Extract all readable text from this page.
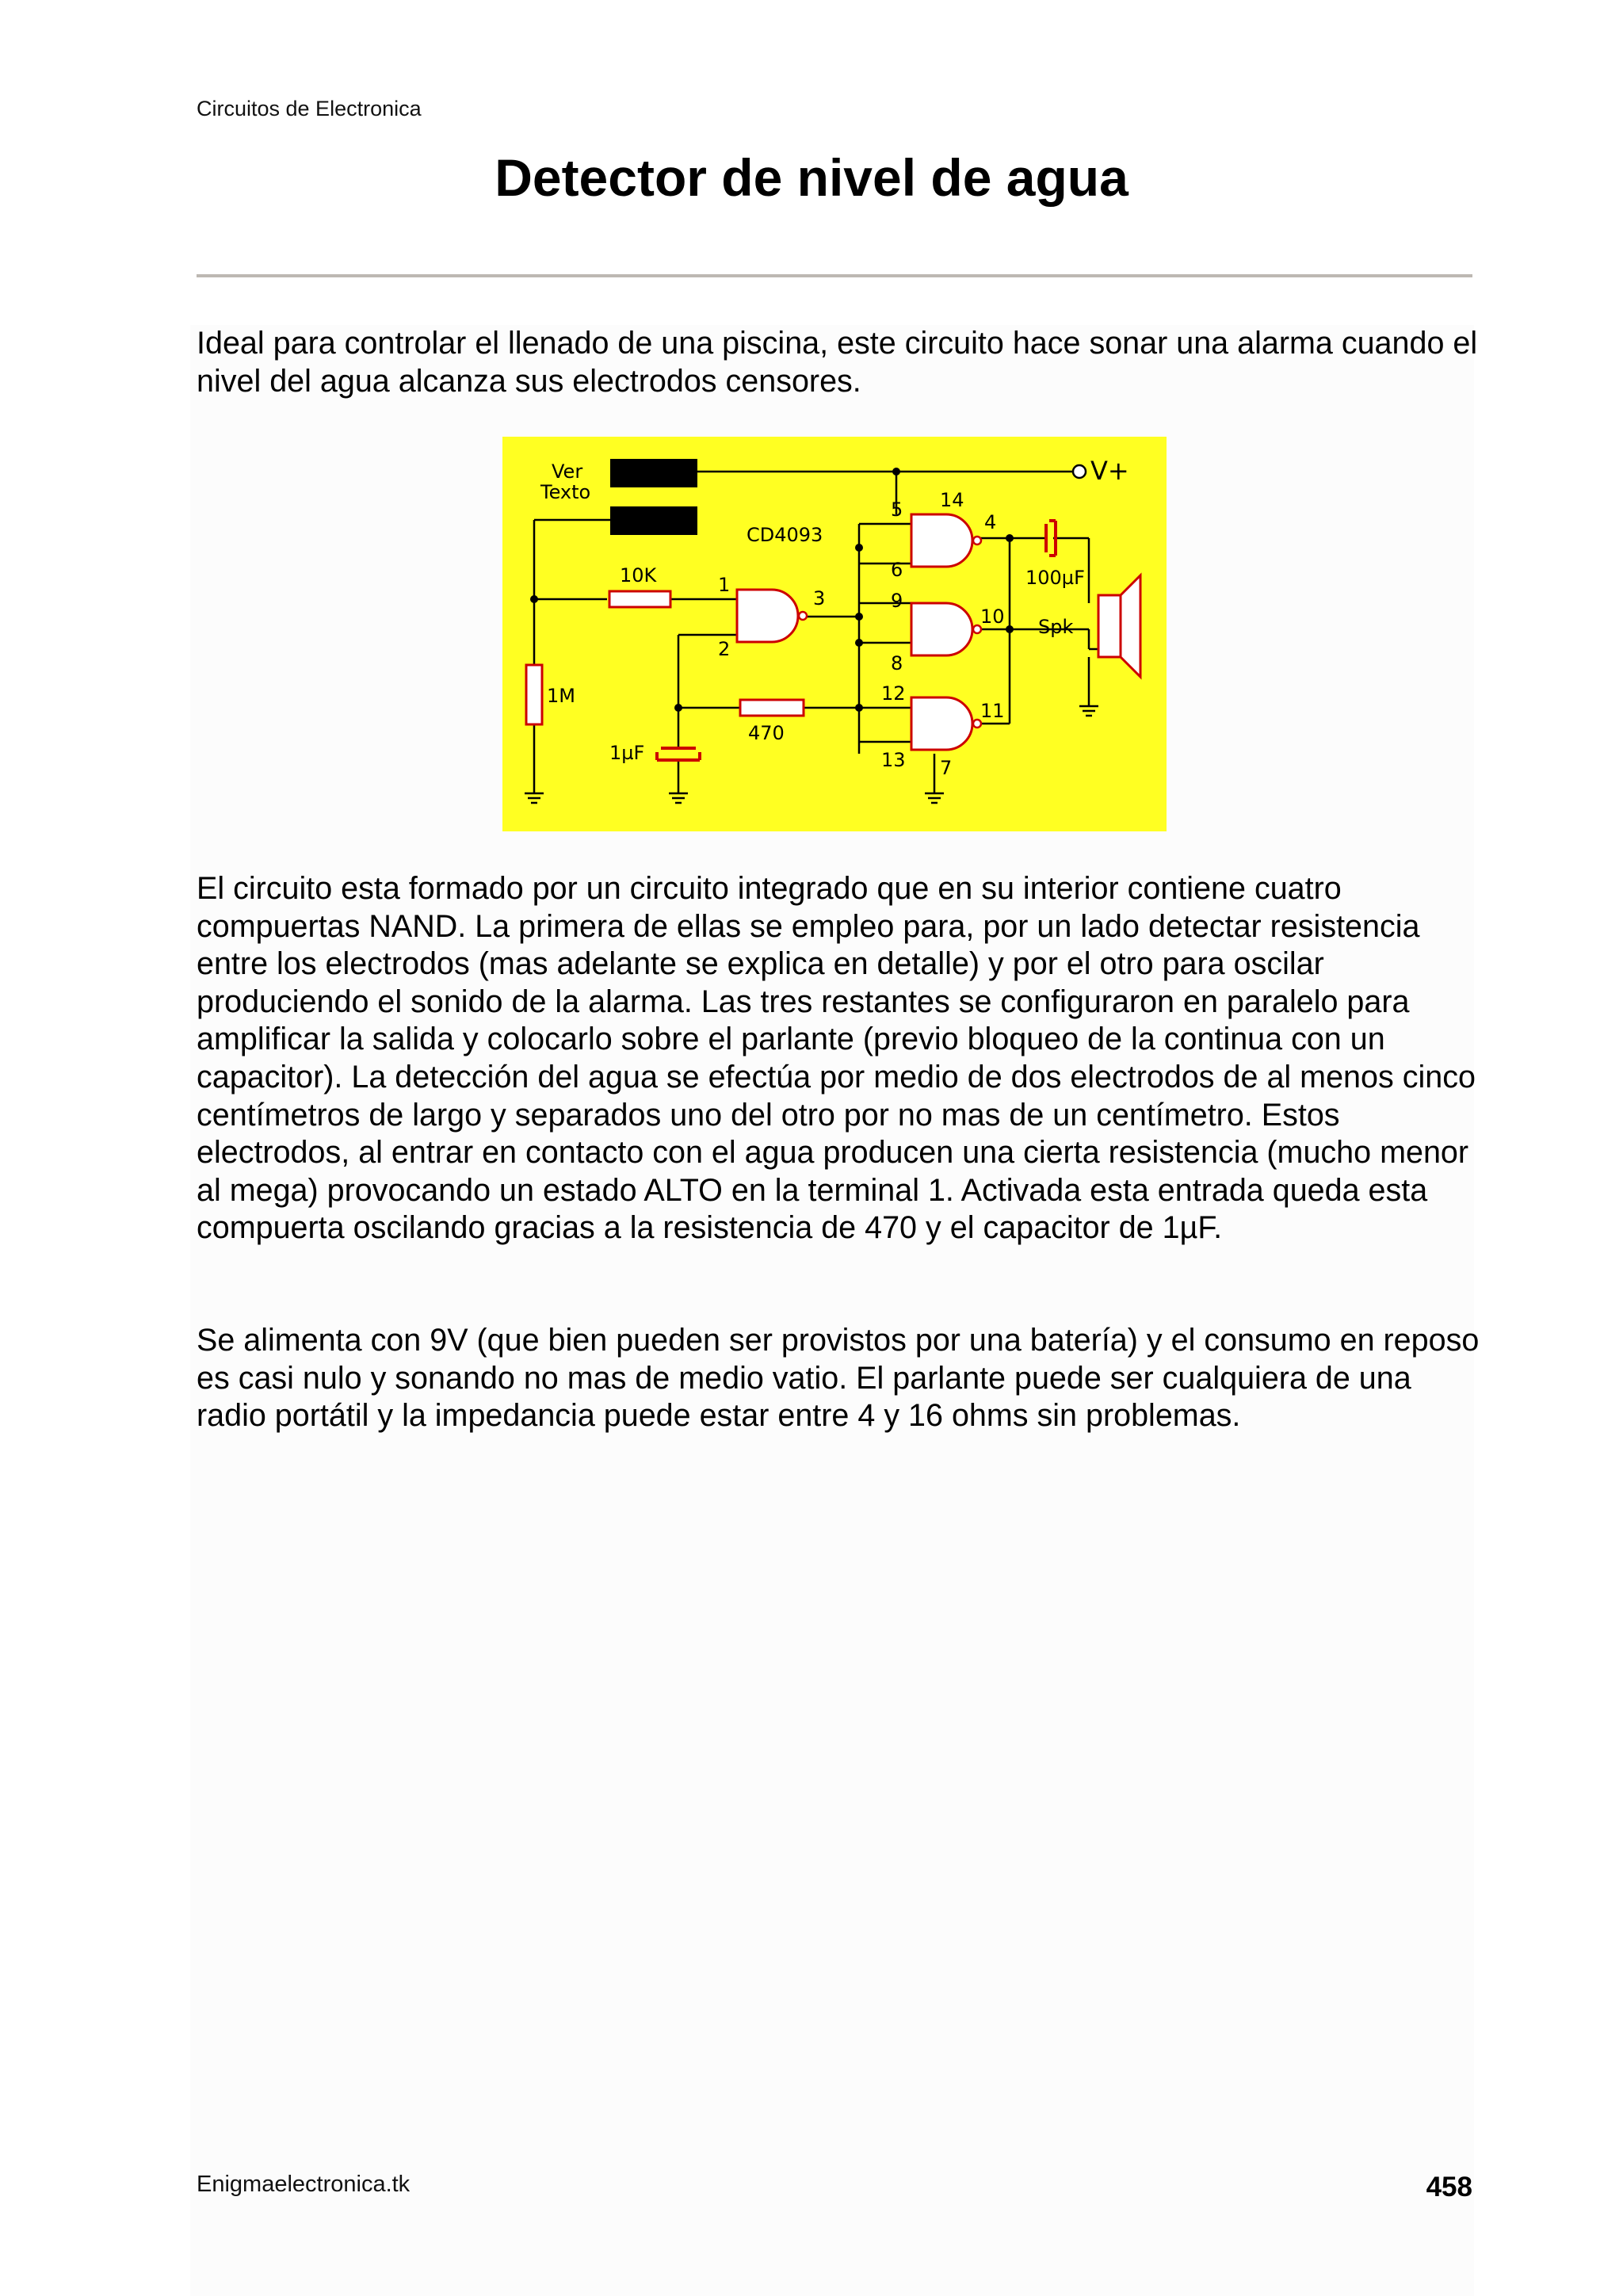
Circuitos de Electronica
Detector de nivel de agua
Ideal para controlar el llenado de una piscina, este circuito hace sonar una alarma cuando el nivel del agua alcanza sus electrodos censores.
Ver
Texto
V+
CD4093
10K
1M
470
1µF
100µF
Spk
1
2
3
4
5
6
7
8
9
10
11
12
13
14
El circuito esta formado por un circuito integrado que en su interior contiene cuatro compuertas NAND. La primera de ellas se empleo para, por un lado detectar resistencia entre los electrodos (mas adelante se explica en detalle) y por el otro para oscilar produciendo el sonido de la alarma. Las tres restantes se configuraron en paralelo para amplificar la salida y colocarlo sobre el parlante (previo bloqueo de la continua con un capacitor). La detección del agua se efectúa por medio de dos electrodos de al menos cinco centímetros de largo y separados uno del otro por no mas de un centímetro. Estos electrodos, al entrar en contacto con el agua producen una cierta resistencia (mucho menor al mega) provocando un estado ALTO en la terminal 1. Activada esta entrada queda esta compuerta oscilando gracias a la resistencia de 470 y el capacitor de 1µF.
Se alimenta con 9V (que bien pueden ser provistos por una batería) y el consumo en reposo es casi nulo y sonando no mas de medio vatio. El parlante puede ser cualquiera de una radio portátil y la impedancia puede estar entre 4 y 16 ohms sin problemas.
Enigmaelectronica.tk	458
